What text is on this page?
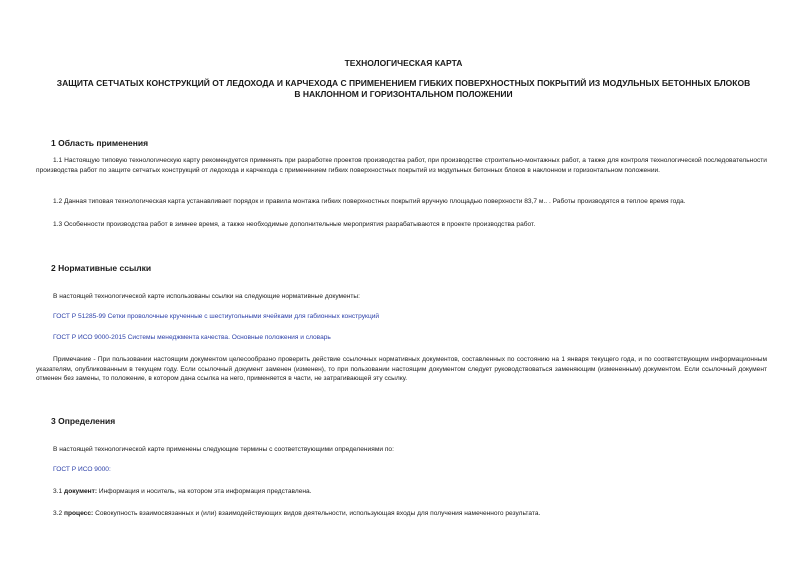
ТЕХНОЛОГИЧЕСКАЯ КАРТА
ЗАЩИТА СЕТЧАТЫХ КОНСТРУКЦИЙ ОТ ЛЕДОХОДА И КАРЧЕХОДА С ПРИМЕНЕНИЕМ ГИБКИХ ПОВЕРХНОСТНЫХ ПОКРЫТИЙ ИЗ МОДУЛЬНЫХ БЕТОННЫХ БЛОКОВ
В НАКЛОННОМ И ГОРИЗОНТАЛЬНОМ ПОЛОЖЕНИИ
1 Область применения
1.1 Настоящую типовую технологическую карту рекомендуется применять при разработке проектов производства работ, при производстве строительно-монтажных работ, а также для контроля технологической последовательности производства работ по защите сетчатых конструкций от ледохода и карчехода с применением гибких поверхностных покрытий из модульных бетонных блоков в наклонном и горизонтальном положении.
1.2 Данная типовая технологическая карта устанавливает порядок и правила монтажа гибких поверхностных покрытий вручную площадью поверхности 83,7 м.. . Работы производятся в теплое время года.
1.3 Особенности производства работ в зимнее время, а также необходимые дополнительные мероприятия разрабатываются в проекте производства работ.
2 Нормативные ссылки
В настоящей технологической карте использованы ссылки на следующие нормативные документы:
ГОСТ Р 51285-99 Сетки проволочные крученные с шестиугольными ячейками для габионных конструкций
ГОСТ Р ИСО 9000-2015 Системы менеджмента качества. Основные положения и словарь
Примечание - При пользовании настоящим документом целесообразно проверить действие ссылочных нормативных документов, составленных по состоянию на 1 января текущего года, и по соответствующим информационным указателям, опубликованным в текущем году. Если ссылочный документ заменен (изменен), то при пользовании настоящим документом следует руководствоваться заменяющим (измененным) документом. Если ссылочный документ отменен без замены, то положение, в котором дана ссылка на него, применяется в части, не затрагивающей эту ссылку.
3 Определения
В настоящей технологической карте применены следующие термины с соответствующими определениями по:
ГОСТ Р ИСО 9000:
3.1 документ: Информация и носитель, на котором эта информация представлена.
3.2 процесс: Совокупность взаимосвязанных и (или) взаимодействующих видов деятельности, использующая входы для получения намеченного результата.
